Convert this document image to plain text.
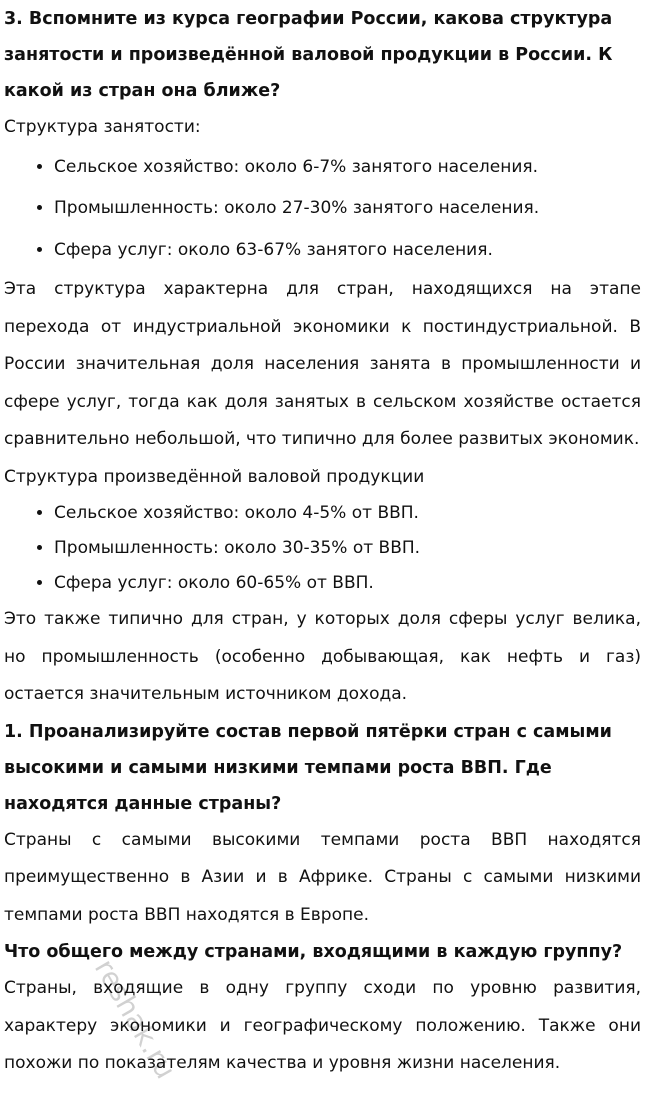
3. Вспомните из курса географии России, какова структура занятости и произведённой валовой продукции в России. К какой из стран она ближе?

Структура занятости:

• Сельское хозяйство: около 6-7% занятого населения.
• Промышленность: около 27-30% занятого населения.
• Сфера услуг: около 63-67% занятого населения.

Эта структура характерна для стран, находящихся на этапе перехода от индустриальной экономики к постиндустриальной. В России значительная доля населения занята в промышленности и сфере услуг, тогда как доля занятых в сельском хозяйстве остается сравнительно небольшой, что типично для более развитых экономик.

Структура произведённой валовой продукции

• Сельское хозяйство: около 4-5% от ВВП.
• Промышленность: около 30-35% от ВВП.
• Сфера услуг: около 60-65% от ВВП.

Это также типично для стран, у которых доля сферы услуг велика, но промышленность (особенно добывающая, как нефть и газ) остается значительным источником дохода.

1. Проанализируйте состав первой пятёрки стран с самыми высокими и самыми низкими темпами роста ВВП. Где находятся данные страны?

Страны с самыми высокими темпами роста ВВП находятся преимущественно в Азии и в Африке. Страны с самыми низкими темпами роста ВВП находятся в Европе.

Что общего между странами, входящими в каждую группу?

Страны, входящие в одну группу сходи по уровню развития, характеру экономики и географическому положению. Также они похожи по показателям качества и уровня жизни населения.

reshak.ru
